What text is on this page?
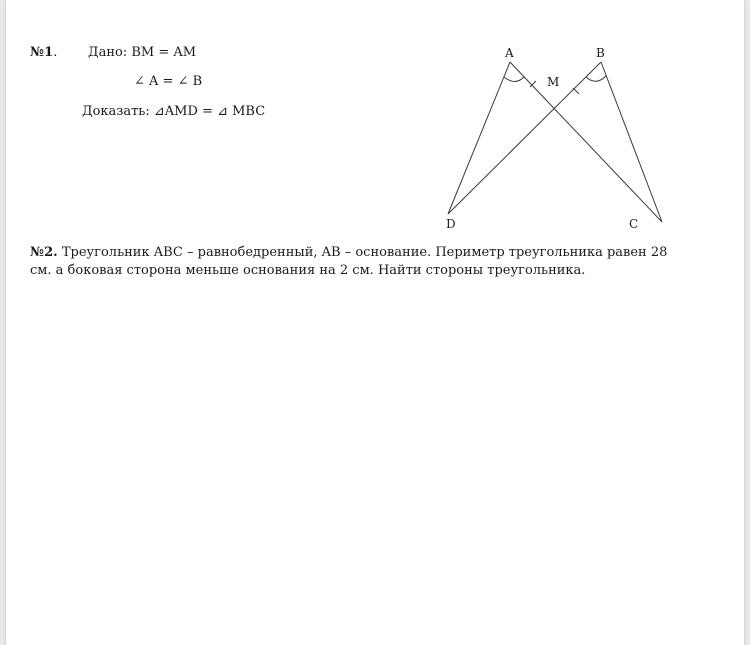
№1. Дано: BM = AM
∠ A = ∠ B
Доказать: ⊿AMD = ⊿ MBC
A	B
M
D	C
№2. Треугольник ABC – равнобедренный, AB – основание. Периметр треугольника равен 28 см. а боковая сторона меньше основания на 2 см. Найти стороны треугольника.
